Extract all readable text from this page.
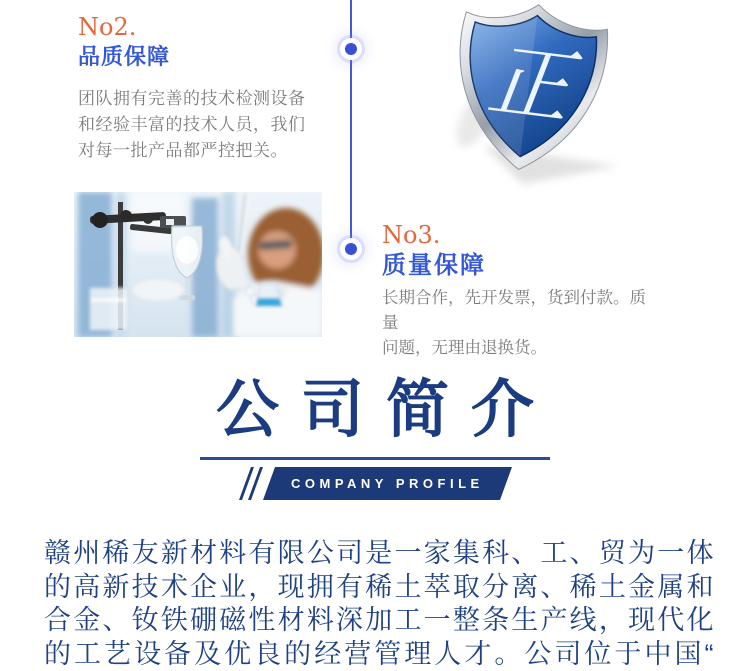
No2.
品质保障
团队拥有完善的技术检测设备
和经验丰富的技术人员，我们
对每一批产品都严控把关。
正
No3.
质量保障
长期合作，先开发票，货到付款。质量
问题，无理由退换货。
公司简介
COMPANY PROFILE
赣州稀友新材料有限公司是一家集科、工、贸为一体
的高新技术企业，现拥有稀土萃取分离、稀土金属和
合金、钕铁硼磁性材料深加工一整条生产线，现代化
的工艺设备及优良的经营管理人才。公司位于中国“
